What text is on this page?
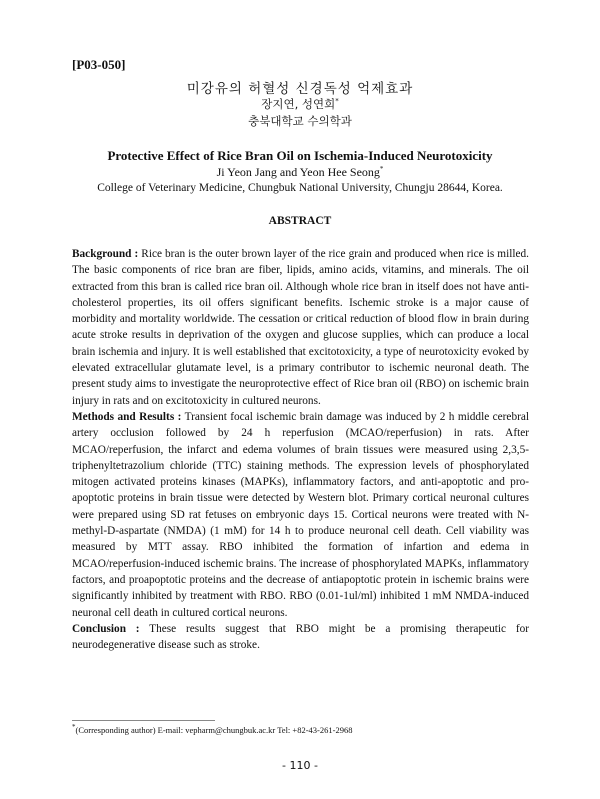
[P03-050]
미강유의 허혈성 신경독성 억제효과
장지연, 성연희*
충북대학교 수의학과
Protective Effect of Rice Bran Oil on Ischemia-Induced Neurotoxicity
Ji Yeon Jang and Yeon Hee Seong*
College of Veterinary Medicine, Chungbuk National University, Chungju 28644, Korea.
ABSTRACT

Background : Rice bran is the outer brown layer of the rice grain and produced when rice is milled. The basic components of rice bran are fiber, lipids, amino acids, vitamins, and minerals. The oil extracted from this bran is called rice bran oil. Although whole rice bran in itself does not have anti-cholesterol properties, its oil offers significant benefits. Ischemic stroke is a major cause of morbidity and mortality worldwide. The cessation or critical reduction of blood flow in brain during acute stroke results in deprivation of the oxygen and glucose supplies, which can produce a local brain ischemia and injury. It is well established that excitotoxicity, a type of neurotoxicity evoked by elevated extracellular glutamate level, is a primary contributor to ischemic neuronal death. The present study aims to investigate the neuroprotective effect of Rice bran oil (RBO) on ischemic brain injury in rats and on excitotoxicity in cultured neurons.

Methods and Results : Transient focal ischemic brain damage was induced by 2 h middle cerebral artery occlusion followed by 24 h reperfusion (MCAO/reperfusion) in rats. After MCAO/reperfusion, the infarct and edema volumes of brain tissues were measured using 2,3,5-triphenyltetrazolium chloride (TTC) staining methods. The expression levels of phosphorylated mitogen activated proteins kinases (MAPKs), inflammatory factors, and anti-apoptotic and pro-apoptotic proteins in brain tissue were detected by Western blot. Primary cortical neuronal cultures were prepared using SD rat fetuses on embryonic days 15. Cortical neurons were treated with N-methyl-D-aspartate (NMDA) (1 mM) for 14 h to produce neuronal cell death. Cell viability was measured by MTT assay. RBO inhibited the formation of infartion and edema in MCAO/reperfusion‐induced ischemic brains. The increase of phosphorylated MAPKs, inflammatory factors, and proapoptotic proteins and the decrease of antiapoptotic protein in ischemic brains were significantly inhibited by treatment with RBO. RBO (0.01-1ul/ml) inhibited 1 mM NMDA-induced neuronal cell death in cultured cortical neurons.

Conclusion : These results suggest that RBO might be a promising therapeutic for neurodegenerative disease such as stroke.

*(Corresponding author) E-mail: vepharm@chungbuk.ac.kr Tel: +82-43-261-2968
- 110 -
